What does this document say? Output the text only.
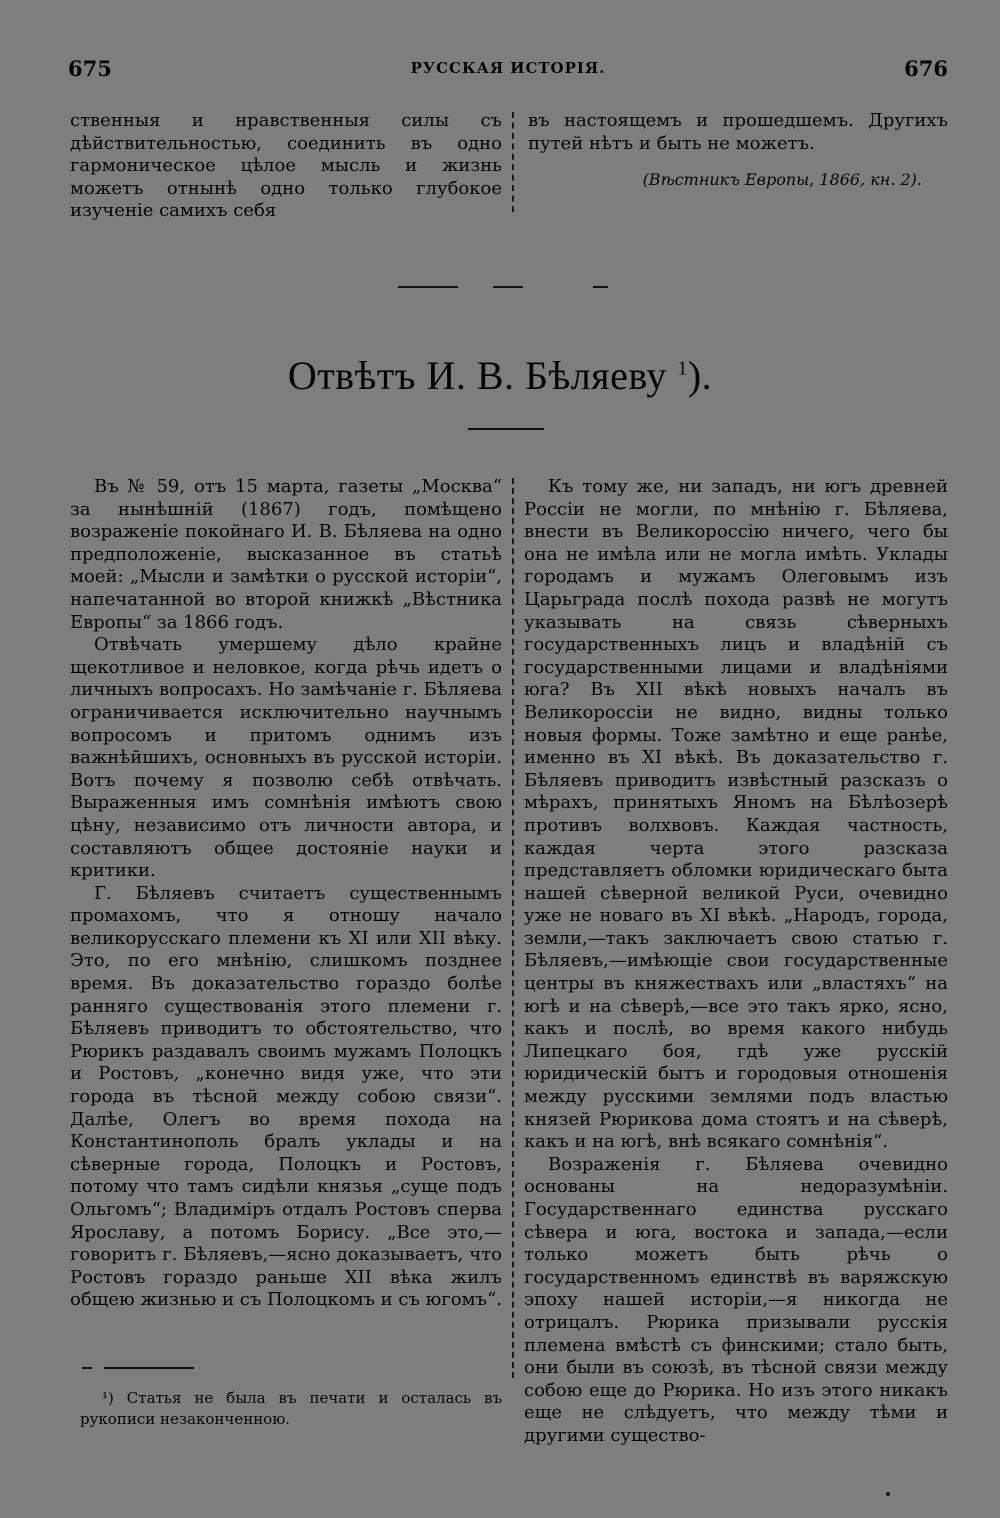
675	РУССКАЯ ИСТОРІЯ.	676

ственныя и нравственныя силы съ дѣйствительностью, соединить въ одно гармоническое цѣлое мысль и жизнь можетъ отнынѣ одно только глубокое изученіе самихъ себя

въ настоящемъ и прошедшемъ. Другихъ путей нѣтъ и быть не можетъ.

(Вѣстникъ Европы, 1866, кн. 2).

Отвѣтъ И. В. Бѣляеву $^1$).

Въ № 59, отъ 15 марта, газеты „Москва“ за нынѣшній (1867) годъ, помѣщено возраженіе покойнаго И. В. Бѣляева на одно предположеніе, высказанное въ статьѣ моей: „Мысли и замѣтки о русской исторіи“, напечатанной во второй книжкѣ „Вѣстника Европы“ за 1866 годъ.

Отвѣчать умершему дѣло крайне щекотливое и неловкое, когда рѣчь идетъ о личныхъ вопросахъ. Но замѣчаніе г. Бѣляева ограничивается исключительно научнымъ вопросомъ и притомъ однимъ изъ важнѣйшихъ, основныхъ въ русской исторіи. Вотъ почему я позволю себѣ отвѣчать. Выраженныя имъ сомнѣнія имѣютъ свою цѣну, независимо отъ личности автора, и составляютъ общее достояніе науки и критики.

Г. Бѣляевъ считаетъ существеннымъ промахомъ, что я отношу начало великорусскаго племени къ XI или XII вѣку. Это, по его мнѣнію, слишкомъ позднее время. Въ доказательство гораздо болѣе ранняго существованія этого племени г. Бѣляевъ приводитъ то обстоятельство, что Рюрикъ раздавалъ своимъ мужамъ Полоцкъ и Ростовъ, „конечно видя уже, что эти города въ тѣсной между собою связи“. Далѣе, Олегъ во время похода на Константинополь бралъ уклады и на сѣверные города, Полоцкъ и Ростовъ, потому что тамъ сидѣли князья „суще подъ Ольгомъ“; Владиміръ отдалъ Ростовъ сперва Ярославу, а потомъ Борису. „Все это,—говоритъ г. Бѣляевъ,—ясно доказываетъ, что Ростовъ гораздо раньше XII вѣка жилъ общею жизнью и съ Полоцкомъ и съ югомъ“.

Къ тому же, ни западъ, ни югъ древней Россіи не могли, по мнѣнію г. Бѣляева, внести въ Великороссію ничего, чего бы она не имѣла или не могла имѣть. Уклады городамъ и мужамъ Олеговымъ изъ Царьграда послѣ похода развѣ не могутъ указывать на связь сѣверныхъ государственныхъ лицъ и владѣній съ государственными лицами и владѣніями юга? Въ XII вѣкѣ новыхъ началъ въ Великороссіи не видно, видны только новыя формы. Тоже замѣтно и еще ранѣе, именно въ XI вѣкѣ. Въ доказательство г. Бѣляевъ приводитъ извѣстный разсказъ о мѣрахъ, принятыхъ Яномъ на Бѣлѣозерѣ противъ волхвовъ. Каждая частность, каждая черта этого разсказа представляетъ обломки юридическаго быта нашей сѣверной великой Руси, очевидно уже не новаго въ XI вѣкѣ. „Народъ, города, земли,—такъ заключаетъ свою статью г. Бѣляевъ,—имѣющіе свои государственные центры въ княжествахъ или „властяхъ“ на югѣ и на сѣверѣ,—все это такъ ярко, ясно, какъ и послѣ, во время какого нибудь Липецкаго боя, гдѣ уже русскій юридическій бытъ и городовыя отношенія между русскими землями подъ властью князей Рюрикова дома стоятъ и на сѣверѣ, какъ и на югѣ, внѣ всякаго сомнѣнія“.

Возраженія г. Бѣляева очевидно основаны на недоразумѣніи. Государственнаго единства русскаго сѣвера и юга, востока и запада,—если только можетъ быть рѣчь о государственномъ единствѣ въ варяжскую эпоху нашей исторіи,—я никогда не отрицалъ. Рюрика призывали русскія племена вмѣстѣ съ финскими; стало быть, они были въ союзѣ, въ тѣсной связи между собою еще до Рюрика. Но изъ этого никакъ еще не слѣдуетъ, что между тѣми и другими существо-

¹) Статья не была въ печати и осталась въ рукописи незаконченною.
